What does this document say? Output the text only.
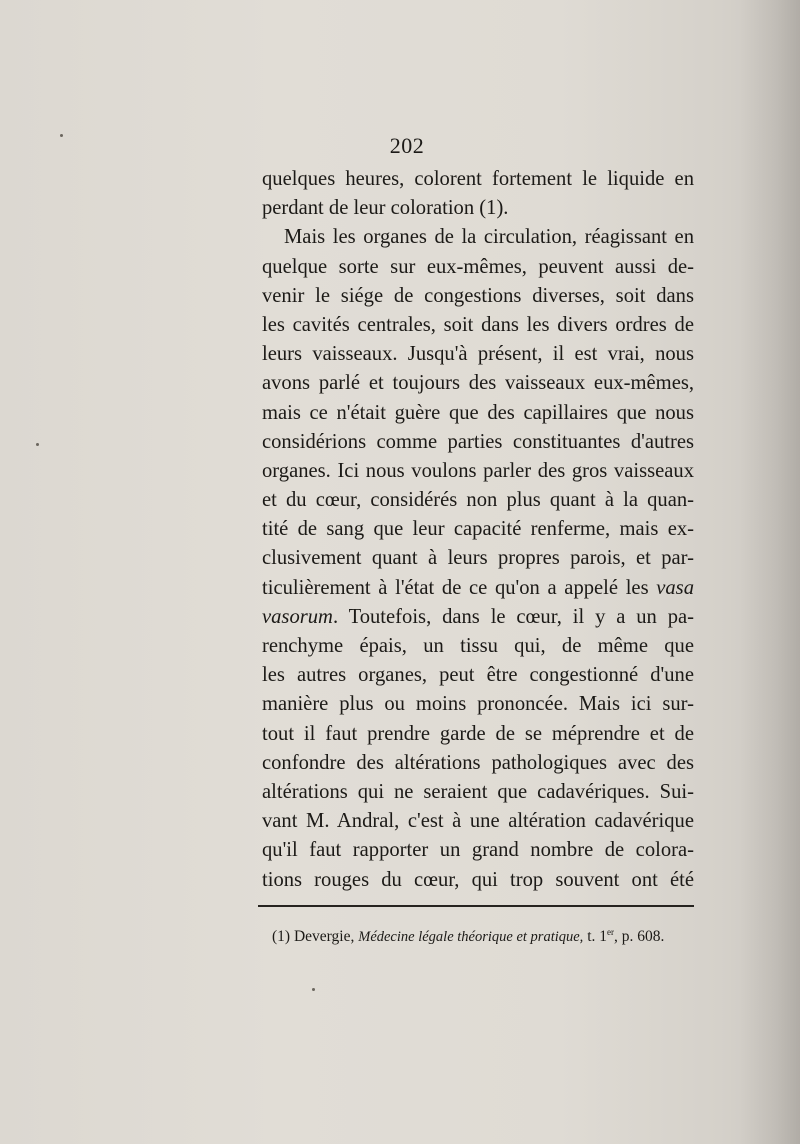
202
quelques heures, colorent fortement le liquide en
perdant de leur coloration (1).
Mais les organes de la circulation, réagissant en
quelque sorte sur eux-mêmes, peuvent aussi de-
venir le siége de congestions diverses, soit dans
les cavités centrales, soit dans les divers ordres de
leurs vaisseaux. Jusqu'à présent, il est vrai, nous
avons parlé et toujours des vaisseaux eux-mêmes,
mais ce n'était guère que des capillaires que nous
considérions comme parties constituantes d'autres
organes. Ici nous voulons parler des gros vaisseaux
et du cœur, considérés non plus quant à la quan-
tité de sang que leur capacité renferme, mais ex-
clusivement quant à leurs propres parois, et par-
ticulièrement à l'état de ce qu'on a appelé les vasa
vasorum. Toutefois, dans le cœur, il y a un pa-
renchyme épais, un tissu qui, de même que
les autres organes, peut être congestionné d'une
manière plus ou moins prononcée. Mais ici sur-
tout il faut prendre garde de se méprendre et de
confondre des altérations pathologiques avec des
altérations qui ne seraient que cadavériques. Sui-
vant M. Andral, c'est à une altération cadavérique
qu'il faut rapporter un grand nombre de colora-
tions rouges du cœur, qui trop souvent ont été
(1) Devergie, Médecine légale théorique et pratique, t. 1er, p. 608.
